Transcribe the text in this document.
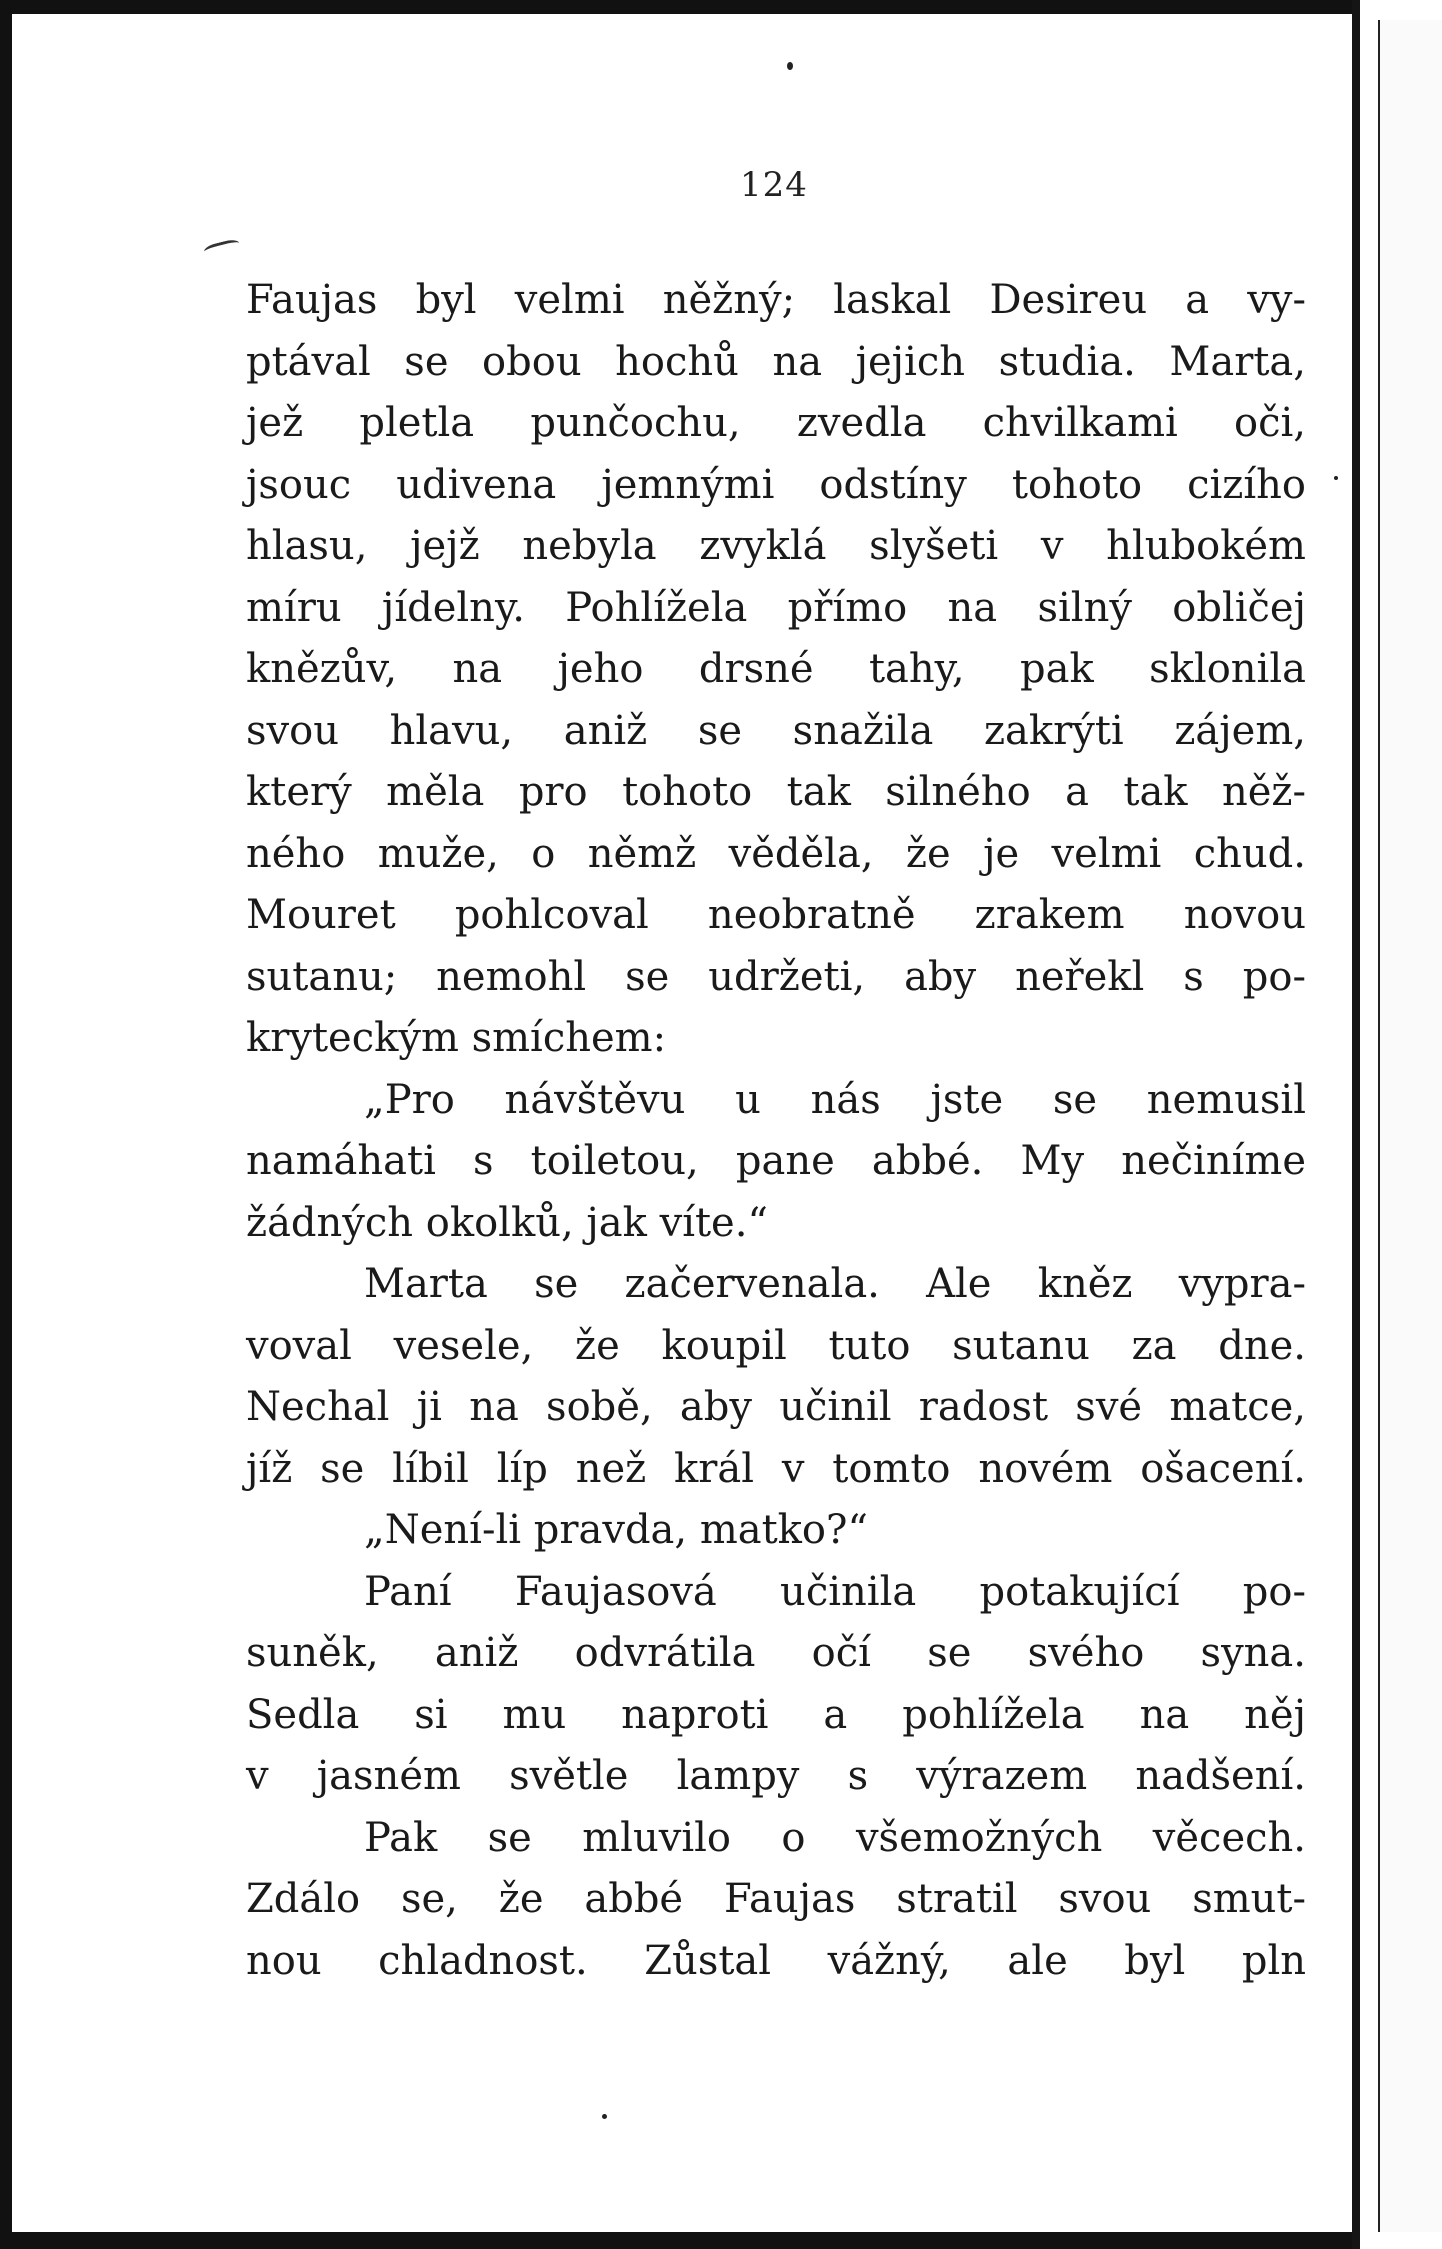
124
Faujas byl velmi něžný; laskal Desireu a vy-
ptával se obou hochů na jejich studia. Marta,
jež pletla punčochu, zvedla chvilkami oči,
jsouc udivena jemnými odstíny tohoto cizího
hlasu, jejž nebyla zvyklá slyšeti v hlubokém
míru jídelny. Pohlížela přímo na silný obličej
knězův, na jeho drsné tahy, pak sklonila
svou hlavu, aniž se snažila zakrýti zájem,
který měla pro tohoto tak silného a tak něž-
ného muže, o němž věděla, že je velmi chud.
Mouret pohlcoval neobratně zrakem novou
sutanu; nemohl se udržeti, aby neřekl s po-
kryteckým smíchem:
„Pro návštěvu u nás jste se nemusil
namáhati s toiletou, pane abbé. My nečiníme
žádných okolků, jak víte.“
Marta se začervenala. Ale kněz vypra-
voval vesele, že koupil tuto sutanu za dne.
Nechal ji na sobě, aby učinil radost své matce,
jíž se líbil líp než král v tomto novém ošacení.
„Není-li pravda, matko?“
Paní Faujasová učinila potakující po-
suněk, aniž odvrátila očí se svého syna.
Sedla si mu naproti a pohlížela na něj
v jasném světle lampy s výrazem nadšení.
Pak se mluvilo o všemožných věcech.
Zdálo se, že abbé Faujas stratil svou smut-
nou chladnost. Zůstal vážný, ale byl pln
